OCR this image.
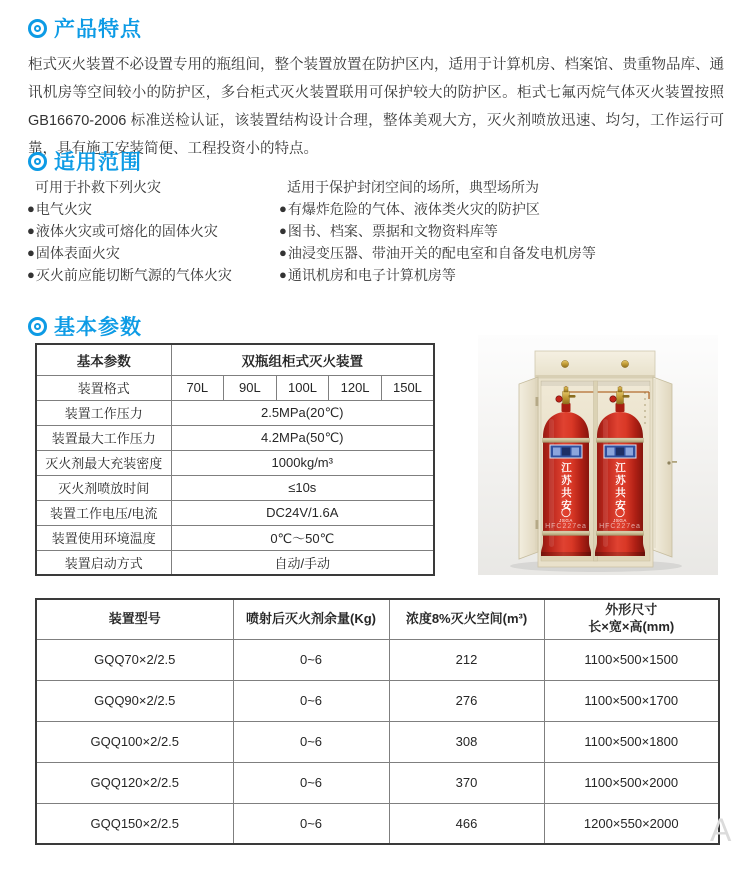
产品特点
柜式灭火装置不必设置专用的瓶组间，整个装置放置在防护区内，适用于计算机房、档案馆、贵重物品库、通讯机房等空间较小的防护区，多台柜式灭火装置联用可保护较大的防护区。柜式七氟丙烷气体灭火装置按照 GB16670-2006 标准送检认证，该装置结构设计合理，整体美观大方，灭火剂喷放迅速、均匀，工作运行可靠，具有施工安装简便、工程投资小的特点。
适用范围
可用于扑救下列火灾
● 电气火灾
● 液体火灾或可熔化的固体火灾
● 固体表面火灾
● 灭火前应能切断气源的气体火灾
适用于保护封闭空间的场所，典型场所为
● 有爆炸危险的气体、液体类火灾的防护区
● 图书、档案、票据和文物资料库等
● 油浸变压器、带油开关的配电室和自备发电机房等
● 通讯机房和电子计算机房等
基本参数
基本参数	双瓶组柜式灭火装置				
装置格式	70L	90L	100L	120L	150L
装置工作压力	2.5MPa(20℃)				
装置最大工作压力	4.2MPa(50℃)				
灭火剂最大充装密度	1000kg/m³				
灭火剂喷放时间	≤10s				
装置工作电压/电流	DC24V/1.6A				
装置使用环境温度	0℃～50℃				
装置启动方式	自动/手动				
江苏共安	江苏共安
JSGA	JSGA
HFC227ea	HFC227ea
装置型号	喷射后灭火剂余量(Kg)	浓度8%灭火空间(m³)	外形尺寸
长×宽×高(mm)

GQQ70×2/2.5	0~6	212	1100×500×1500
GQQ90×2/2.5	0~6	276	1100×500×1700
GQQ100×2/2.5	0~6	308	1100×500×1800
GQQ120×2/2.5	0~6	370	1100×500×2000
GQQ150×2/2.5	0~6	466	1200×550×2000 A
